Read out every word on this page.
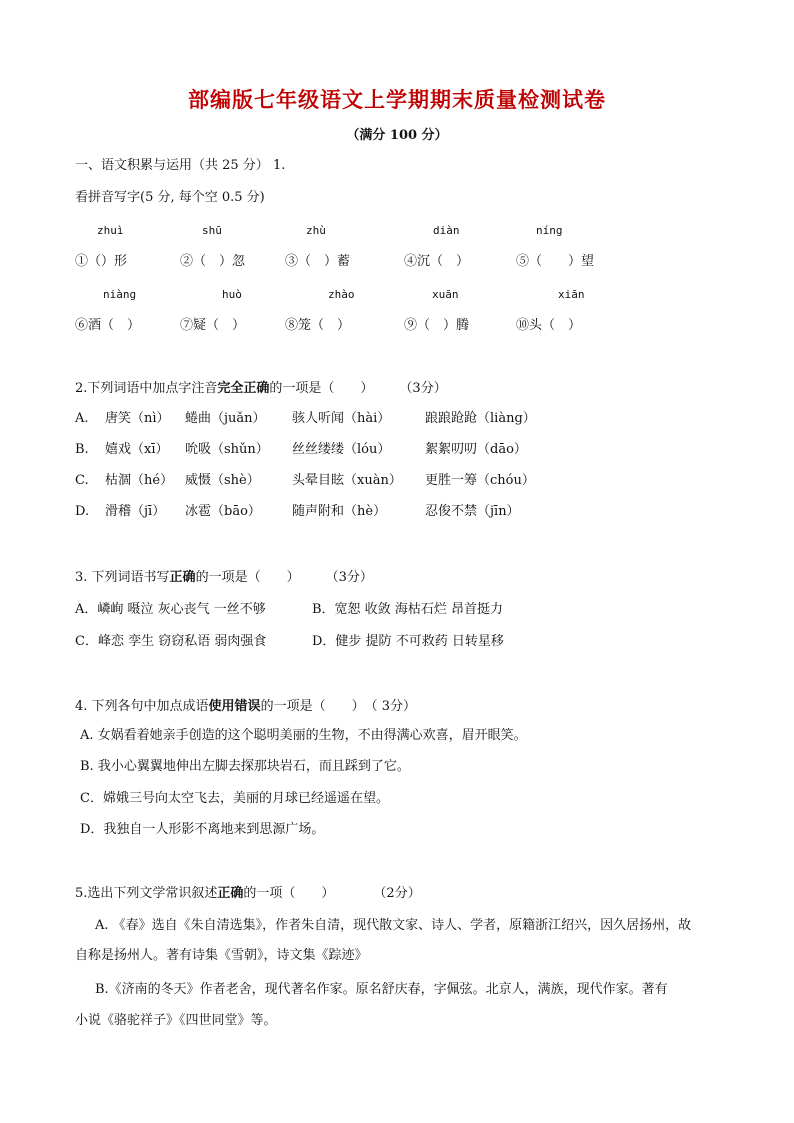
部编版七年级语文上学期期末质量检测试卷
（满分 100 分）
一、语文积累与运用（共 25 分） 1.
看拼音写字(5 分, 每个空 0.5 分)
zhuì	shū	zhù	diàn	níng
①（）形	②（　）忽	③（　）蓄	④沉（　）	⑤（　　）望
niàng	huò	zhào	xuān	xiān
⑥酒（　）	⑦疑（　）	⑧笼（　）	⑨（　）腾	⑩头（　）
2.下列词语中加点字注音完全正确的一项是（　　）　　　（3分）
A. 唐笑（nì） 蜷曲（juǎn） 骇人听闻（hài）	踉踉跄跄（liàng）
B. 嬉戏（xī） 吮吸（shǔn） 丝丝缕缕（lóu）	絮絮叨叨（dāo）
C. 枯涸（hé） 威慑（shè） 头晕目眩（xuàn） 更胜一筹（chóu）
D. 滑稽（jī） 冰雹（bāo） 随声附和（hè）	忍俊不禁（jīn）
3. 下列词语书写正确的一项是（　　）　　　（3分）
A．嶙峋 嗫泣 灰心丧气 一丝不够	B．宽恕 收敛 海枯石烂 昂首挺力
C．峰恋 孪生 窃窃私语 弱肉强食	D．健步 提防 不可救药 日转星移
4. 下列各句中加点成语使用错误的一项是（　　）　（ 3分）
A. 女娲看着她亲手创造的这个聪明美丽的生物，不由得满心欢喜，眉开眼笑。
B. 我小心翼翼地伸出左脚去探那块岩石，而且踩到了它。
C．嫦娥三号向太空飞去，美丽的月球已经遥遥在望。
D．我独自一人形影不离地来到思源广场。
5.选出下列文学常识叙述正确的一项（　　）　　　　（2分）
A. 《春》选自《朱自清选集》，作者朱自清，现代散文家、诗人、学者，原籍浙江绍兴，因久居扬州，故
自称是扬州人。著有诗集《雪朝》，诗文集《踪迹》
B.《济南的冬天》作者老舍，现代著名作家。原名舒庆春，字佩弦。北京人，满族，现代作家。著有
小说《骆驼祥子》《四世同堂》等。
